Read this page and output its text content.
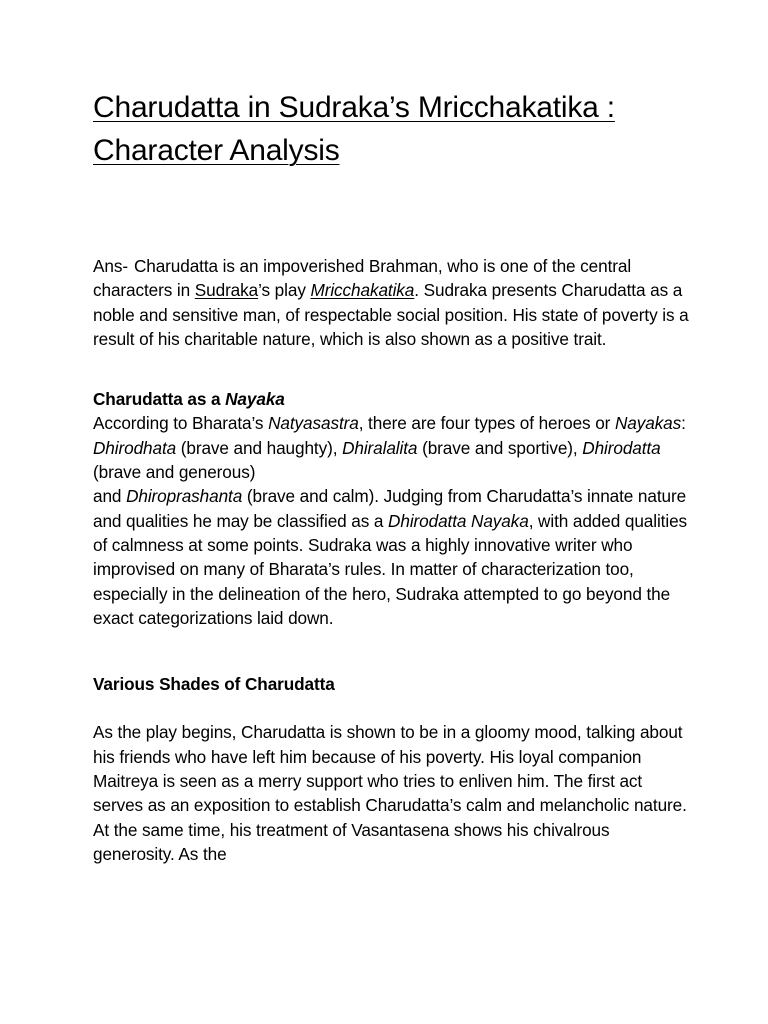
Charudatta in Sudraka’s Mricchakatika : Character Analysis

Ans- Charudatta is an impoverished Brahman, who is one of the central characters in Sudraka’s play Mricchakatika. Sudraka presents Charudatta as a noble and sensitive man, of respectable social position. His state of poverty is a result of his charitable nature, which is also shown as a positive trait.

Charudatta as a Nayaka

According to Bharata’s Natyasastra, there are four types of heroes or Nayakas: Dhirodhata (brave and haughty), Dhiralalita (brave and sportive), Dhirodatta (brave and generous)
and Dhiroprashanta (brave and calm). Judging from Charudatta’s innate nature and qualities he may be classified as a Dhirodatta Nayaka, with added qualities of calmness at some points. Sudraka was a highly innovative writer who improvised on many of Bharata’s rules. In matter of characterization too, especially in the delineation of the hero, Sudraka attempted to go beyond the exact categorizations laid down.

Various Shades of Charudatta

As the play begins, Charudatta is shown to be in a gloomy mood, talking about his friends who have left him because of his poverty. His loyal companion Maitreya is seen as a merry support who tries to enliven him. The first act serves as an exposition to establish Charudatta’s calm and melancholic nature. At the same time, his treatment of Vasantasena shows his chivalrous generosity. As the
